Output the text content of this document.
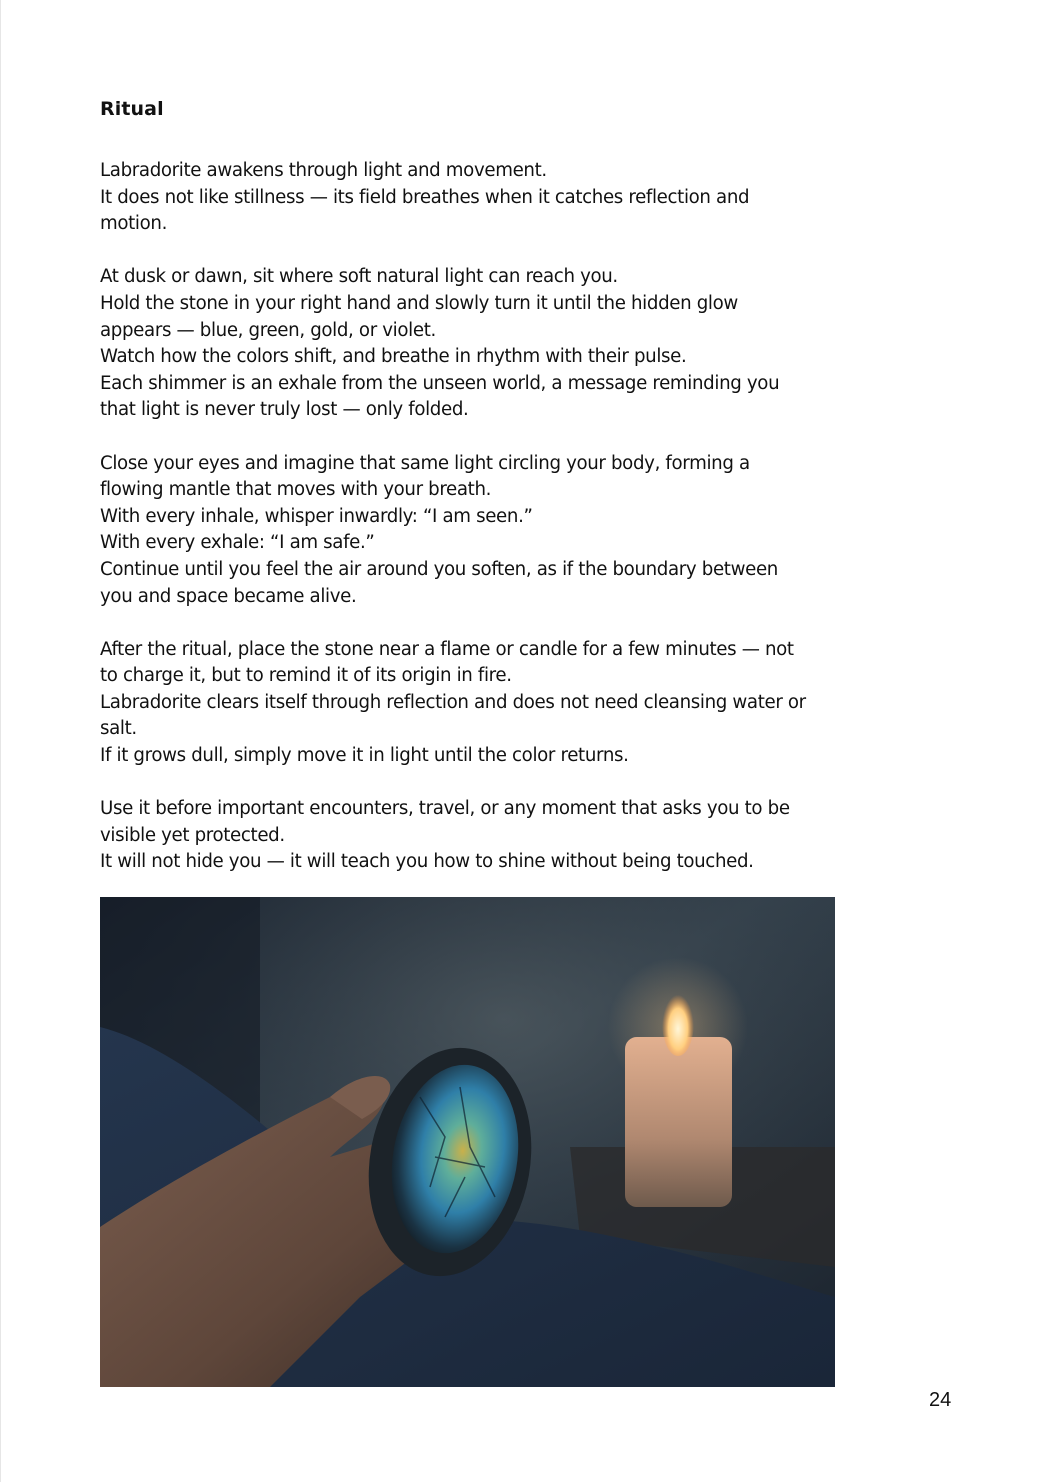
Ritual

Labradorite awakens through light and movement.

It does not like stillness — its field breathes when it catches reflection and

motion.

At dusk or dawn, sit where soft natural light can reach you.

Hold the stone in your right hand and slowly turn it until the hidden glow

appears — blue, green, gold, or violet.

Watch how the colors shift, and breathe in rhythm with their pulse.

Each shimmer is an exhale from the unseen world, a message reminding you

that light is never truly lost — only folded.

Close your eyes and imagine that same light circling your body, forming a

flowing mantle that moves with your breath.

With every inhale, whisper inwardly: “I am seen.”

With every exhale: “I am safe.”

Continue until you feel the air around you soften, as if the boundary between

you and space became alive.

After the ritual, place the stone near a flame or candle for a few minutes — not

to charge it, but to remind it of its origin in fire.

Labradorite clears itself through reflection and does not need cleansing water or

salt.

If it grows dull, simply move it in light until the color returns.

Use it before important encounters, travel, or any moment that asks you to be

visible yet protected.

It will not hide you — it will teach you how to shine without being touched.

24
